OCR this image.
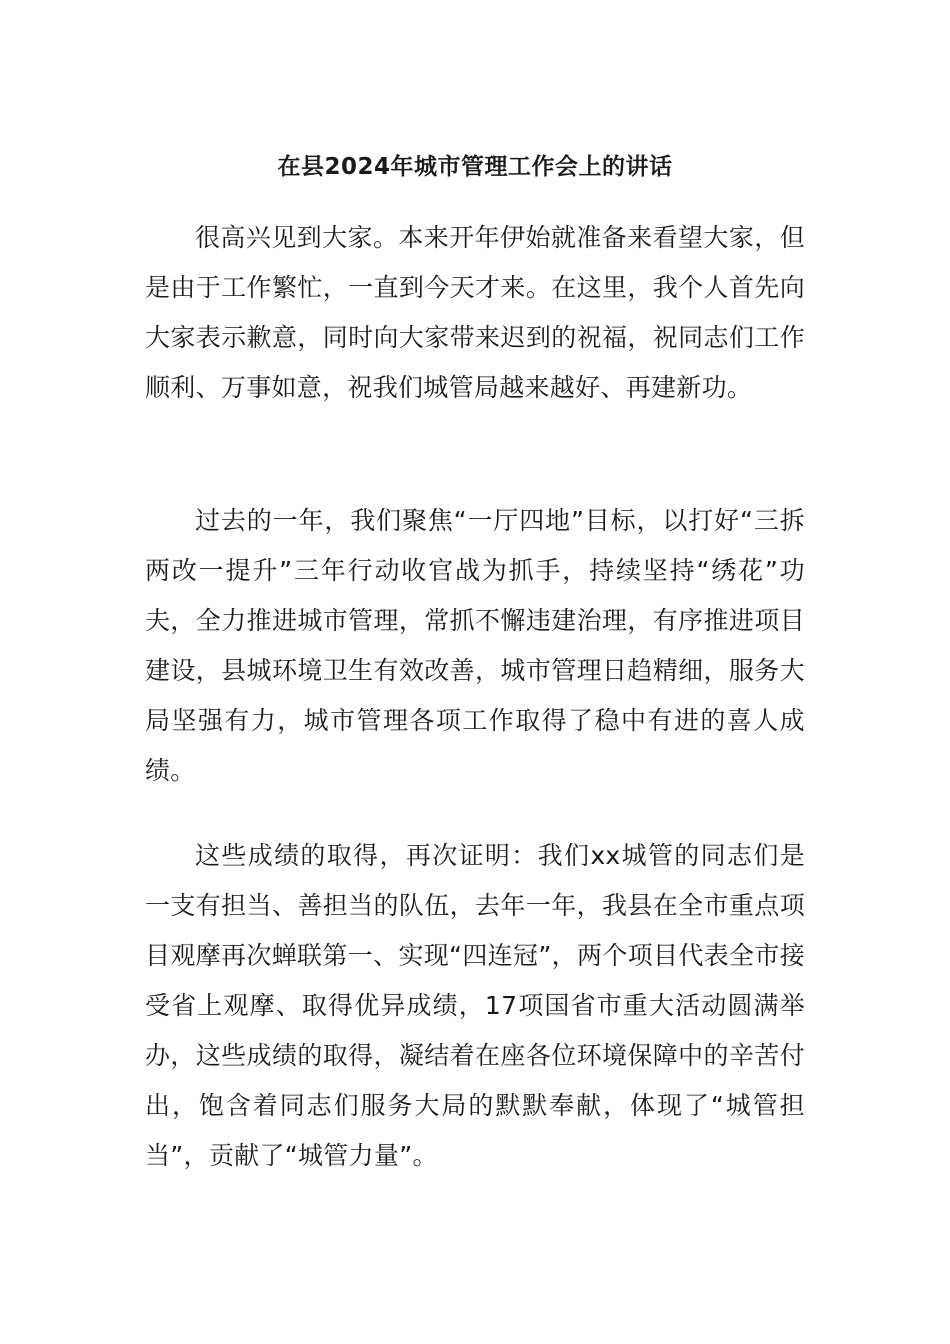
在县2024年城市管理工作会上的讲话

很高兴见到大家。本来开年伊始就准备来看望大家，但是由于工作繁忙，一直到今天才来。在这里，我个人首先向大家表示歉意，同时向大家带来迟到的祝福，祝同志们工作顺利、万事如意，祝我们城管局越来越好、再建新功。

过去的一年，我们聚焦“一厅四地”目标，以打好“三拆两改一提升”三年行动收官战为抓手，持续坚持“绣花”功夫，全力推进城市管理，常抓不懈违建治理，有序推进项目建设，县城环境卫生有效改善，城市管理日趋精细，服务大局坚强有力，城市管理各项工作取得了稳中有进的喜人成绩。

这些成绩的取得，再次证明：我们xx城管的同志们是一支有担当、善担当的队伍，去年一年，我县在全市重点项目观摩再次蝉联第一、实现“四连冠”，两个项目代表全市接受省上观摩、取得优异成绩，17项国省市重大活动圆满举办，这些成绩的取得，凝结着在座各位环境保障中的辛苦付出，饱含着同志们服务大局的默默奉献，体现了“城管担当”，贡献了“城管力量”。
